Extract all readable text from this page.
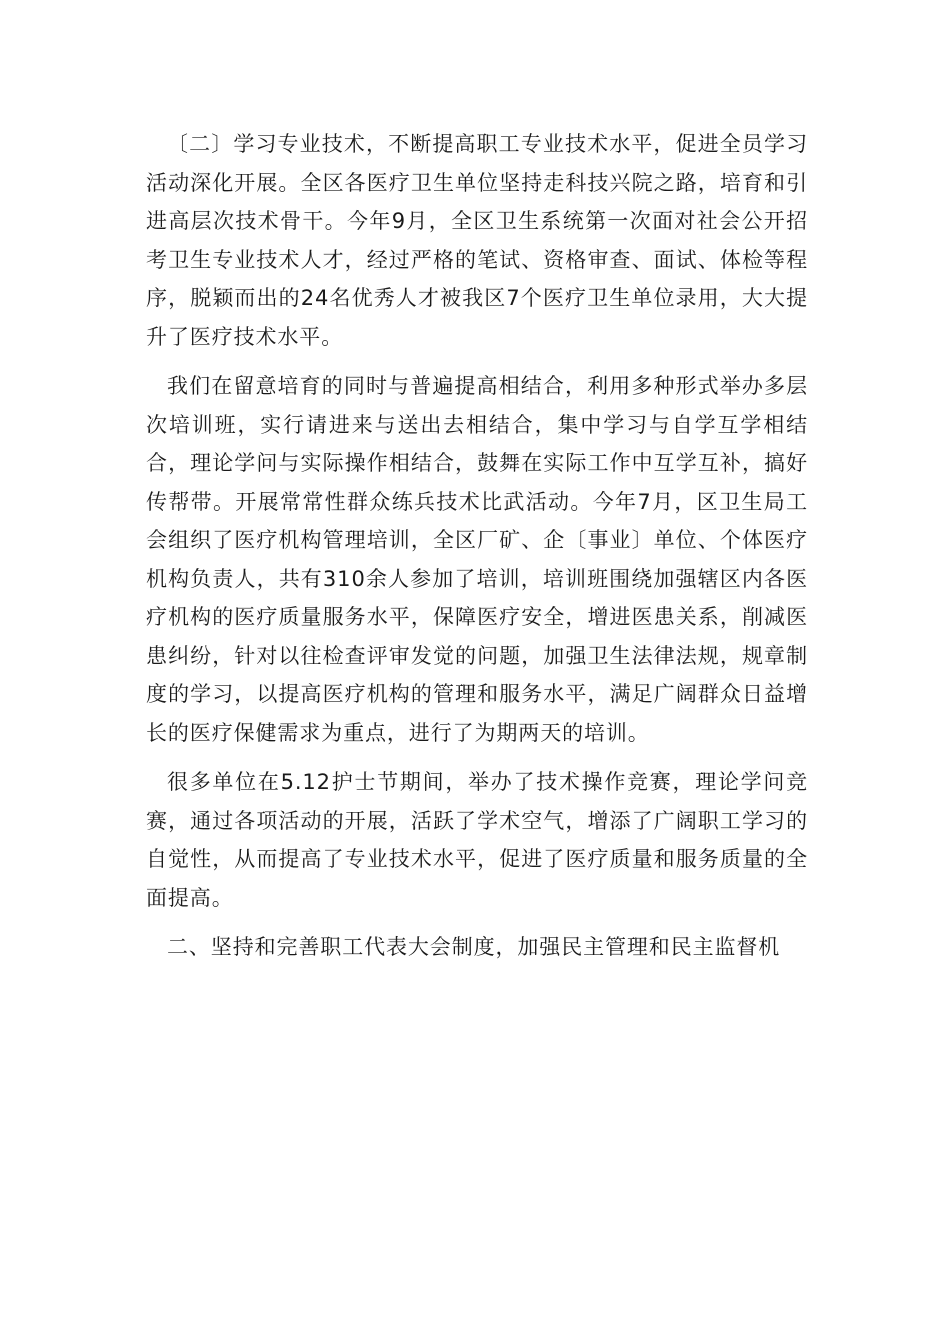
〔二〕学习专业技术，不断提高职工专业技术水平，促进全员学习活动深化开展。全区各医疗卫生单位坚持走科技兴院之路，培育和引进高层次技术骨干。今年9月，全区卫生系统第一次面对社会公开招考卫生专业技术人才，经过严格的笔试、资格审查、面试、体检等程序，脱颖而出的24名优秀人才被我区7个医疗卫生单位录用，大大提升了医疗技术水平。

我们在留意培育的同时与普遍提高相结合，利用多种形式举办多层次培训班，实行请进来与送出去相结合，集中学习与自学互学相结合，理论学问与实际操作相结合，鼓舞在实际工作中互学互补，搞好传帮带。开展常常性群众练兵技术比武活动。今年7月，区卫生局工会组织了医疗机构管理培训，全区厂矿、企〔事业〕单位、个体医疗机构负责人，共有310余人参加了培训，培训班围绕加强辖区内各医疗机构的医疗质量服务水平，保障医疗安全，增进医患关系，削减医患纠纷，针对以往检查评审发觉的问题，加强卫生法律法规，规章制度的学习，以提高医疗机构的管理和服务水平，满足广阔群众日益增长的医疗保健需求为重点，进行了为期两天的培训。

很多单位在5.12护士节期间，举办了技术操作竞赛，理论学问竞赛，通过各项活动的开展，活跃了学术空气，增添了广阔职工学习的自觉性，从而提高了专业技术水平，促进了医疗质量和服务质量的全面提高。

二、坚持和完善职工代表大会制度，加强民主管理和民主监督机
